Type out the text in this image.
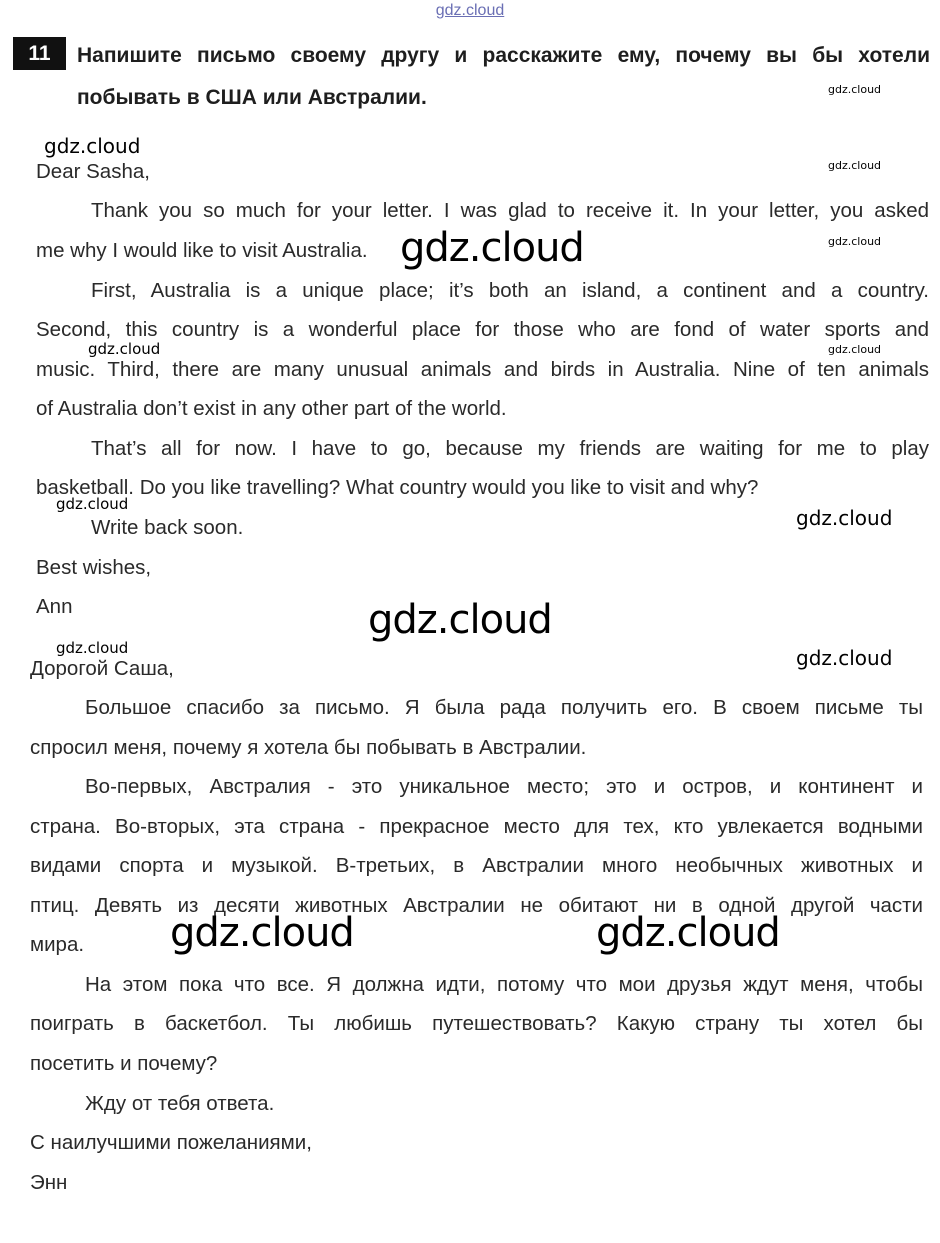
gdz.cloud
11	Напишите письмо своему другу и расскажите ему, почему вы бы хотели
побывать в США или Австралии.
Dear Sasha,
Thank you so much for your letter. I was glad to receive it. In your letter, you asked
me why I would like to visit Australia.
First, Australia is a unique place; it’s both an island, a continent and a country.
Second, this country is a wonderful place for those who are fond of water sports and
music. Third, there are many unusual animals and birds in Australia. Nine of ten animals
of Australia don’t exist in any other part of the world.
That’s all for now. I have to go, because my friends are waiting for me to play
basketball. Do you like travelling? What country would you like to visit and why?
Write back soon.
Best wishes,
Ann
Дорогой Саша,
Большое спасибо за письмо. Я была рада получить его. В своем письме ты
спросил меня, почему я хотела бы побывать в Австралии.
Во-первых, Австралия - это уникальное место; это и остров, и континент и
страна. Во-вторых, эта страна - прекрасное место для тех, кто увлекается водными
видами спорта и музыкой. В-третьих, в Австралии много необычных животных и
птиц. Девять из десяти животных Австралии не обитают ни в одной другой части
мира.
На этом пока что все. Я должна идти, потому что мои друзья ждут меня, чтобы
поиграть в баскетбол. Ты любишь путешествовать? Какую страну ты хотел бы
посетить и почему?
Жду от тебя ответа.
С наилучшими пожеланиями,
Энн
gdz.cloud
gdz.cloud
gdz.cloud
gdz.cloud
gdz.cloud
gdz.cloud	gdz.cloud
gdz.cloud
gdz.cloud
gdz.cloud
gdz.cloud	gdz.cloud
gdz.cloud	gdz.cloud
